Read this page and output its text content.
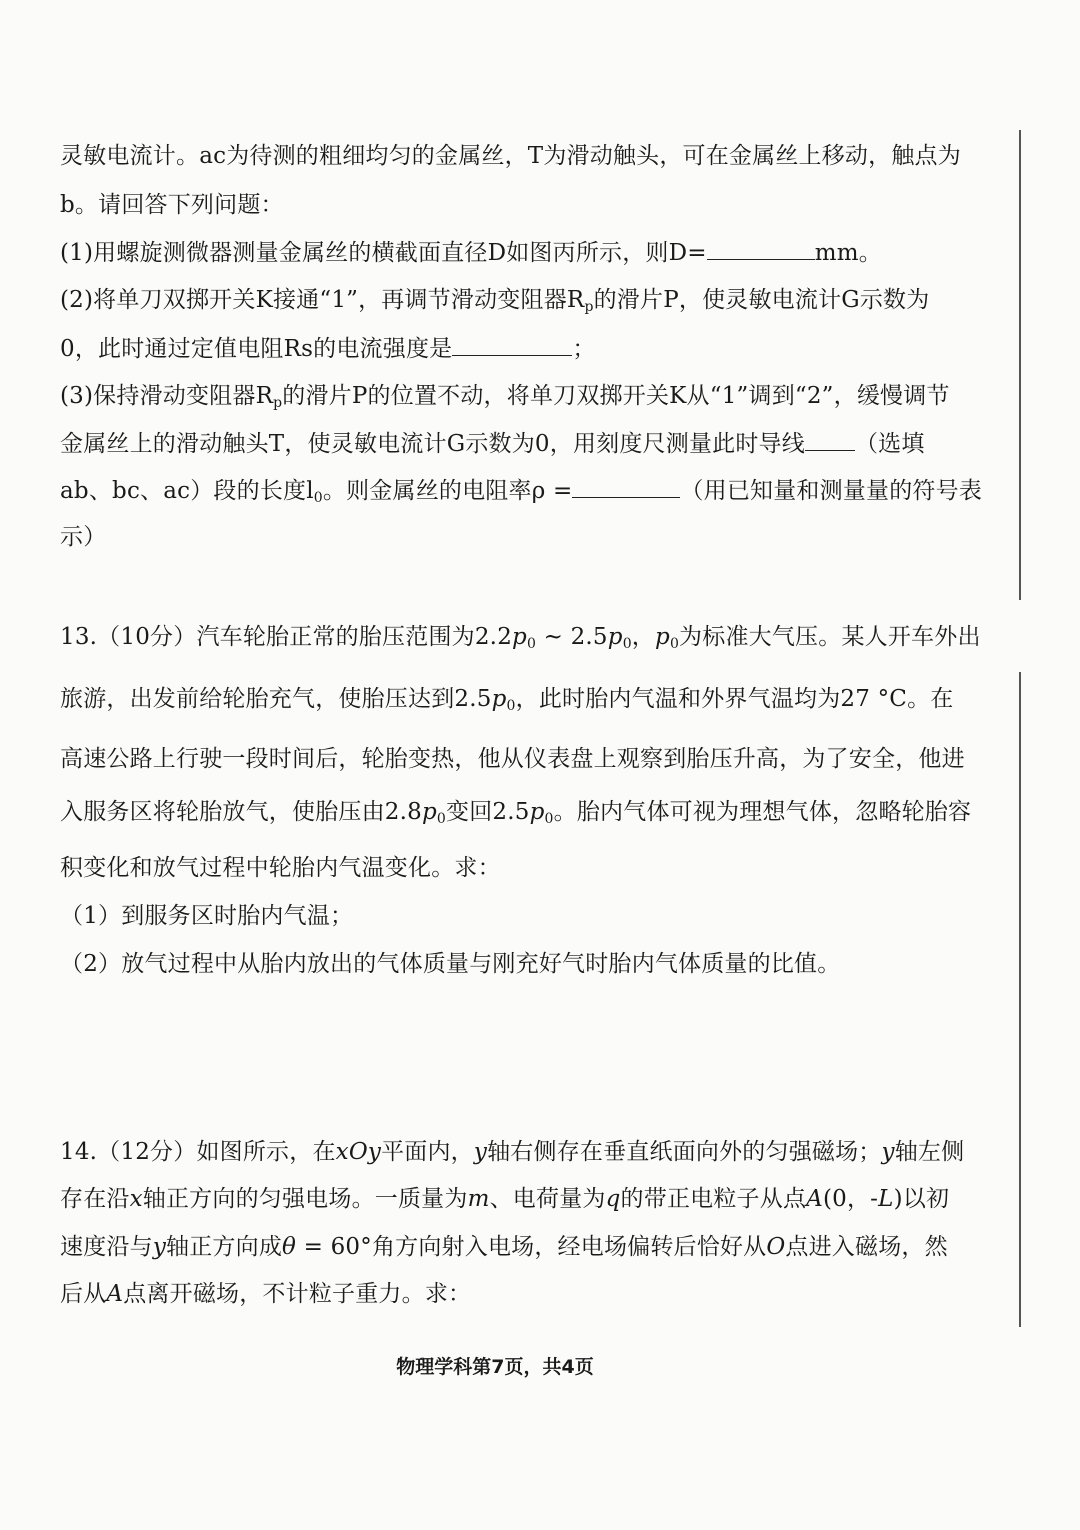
灵敏电流计。ac为待测的粗细均匀的金属丝，T为滑动触头，可在金属丝上移动，触点为
b。请回答下列问题：
(1)用螺旋测微器测量金属丝的横截面直径D如图丙所示，则D=	mm。
(2)将单刀双掷开关K接通“1”，再调节滑动变阻器$R_p$的滑片P，使灵敏电流计G示数为
0，此时通过定值电阻Rs的电流强度是	；
(3)保持滑动变阻器$R_p$的滑片P的位置不动，将单刀双掷开关K从“1”调到“2”，缓慢调节
金属丝上的滑动触头T，使灵敏电流计G示数为0，用刻度尺测量此时导线 （选填
ab、bc、ac）段的长度$l_0$。则金属丝的电阻率ρ =	（用已知量和测量量的符号表
示）
13.（10分）汽车轮胎正常的胎压范围为$2.2p_0$ ~ $2.5p_0$，$p_0$为标准大气压。某人开车外出
旅游，出发前给轮胎充气，使胎压达到$2.5p_0$，此时胎内气温和外界气温均为27 °C。在
高速公路上行驶一段时间后，轮胎变热，他从仪表盘上观察到胎压升高，为了安全，他进
入服务区将轮胎放气，使胎压由$2.8p_0$变回$2.5p_0$。胎内气体可视为理想气体，忽略轮胎容
积变化和放气过程中轮胎内气温变化。求：
（1）到服务区时胎内气温；
（2）放气过程中从胎内放出的气体质量与刚充好气时胎内气体质量的比值。
14.（12分）如图所示，在xOy平面内，y轴右侧存在垂直纸面向外的匀强磁场；y轴左侧
存在沿x轴正方向的匀强电场。一质量为m、电荷量为q的带正电粒子从点A(0，-L)以初
速度沿与y轴正方向成θ = 60°角方向射入电场，经电场偏转后恰好从O点进入磁场，然
后从A点离开磁场，不计粒子重力。求：
物理学科第7页，共4页
